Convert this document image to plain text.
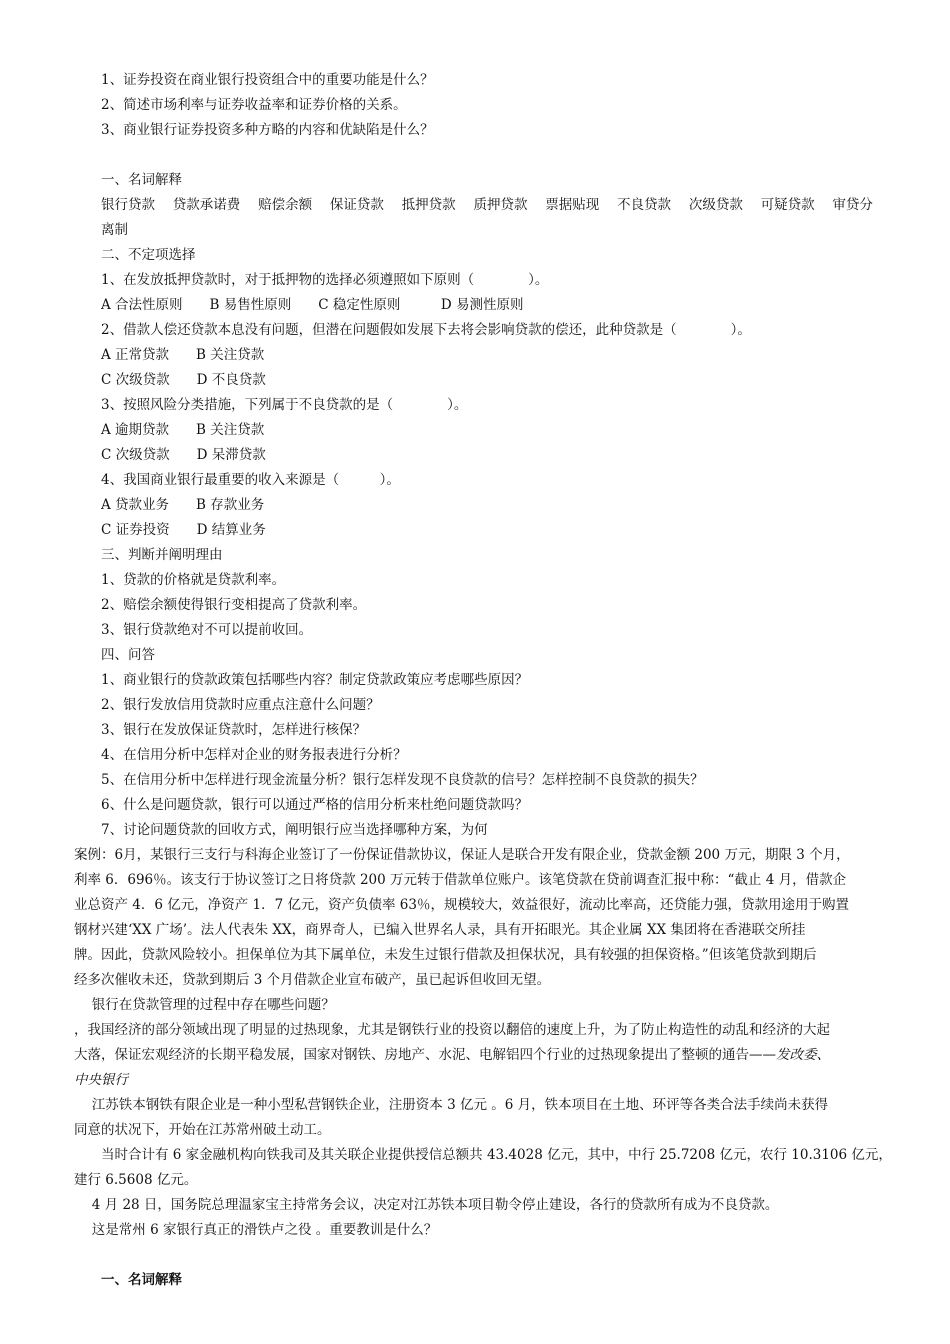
1、证券投资在商业银行投资组合中的重要功能是什么？
2、简述市场利率与证券收益率和证券价格的关系。
3、商业银行证券投资多种方略的内容和优缺陷是什么？
一、名词解释
银行贷款　 贷款承诺费　 赔偿余额　 保证贷款　 抵押贷款　 质押贷款　 票据贴现　 不良贷款　 次级贷款　 可疑贷款　 审贷分
离制
二、不定项选择
1、在发放抵押贷款时，对于抵押物的选择必须遵照如下原则（　　　　）。
A 合法性原则　　B 易售性原则　　C 稳定性原则　　　D 易测性原则
2、借款人偿还贷款本息没有问题，但潜在问题假如发展下去将会影响贷款的偿还，此种贷款是（　　　　）。
A 正常贷款　　B 关注贷款
C 次级贷款　　D 不良贷款
3、按照风险分类措施，下列属于不良贷款的是（　　　　）。
A 逾期贷款　　B 关注贷款
C 次级贷款　　D 呆滞贷款
4、我国商业银行最重要的收入来源是（　　　）。
A 贷款业务　　B 存款业务
C 证券投资　　D 结算业务
三、判断并阐明理由
1、贷款的价格就是贷款利率。
2、赔偿余额使得银行变相提高了贷款利率。
3、银行贷款绝对不可以提前收回。
四、问答
1、商业银行的贷款政策包括哪些内容？制定贷款政策应考虑哪些原因？
2、银行发放信用贷款时应重点注意什么问题？
3、银行在发放保证贷款时，怎样进行核保？
4、在信用分析中怎样对企业的财务报表进行分析？
5、在信用分析中怎样进行现金流量分析？银行怎样发现不良贷款的信号？怎样控制不良贷款的损失？
6、什么是问题贷款，银行可以通过严格的信用分析来杜绝问题贷款吗？
7、讨论问题贷款的回收方式，阐明银行应当选择哪种方案，为何
案例：6月，某银行三支行与科海企业签订了一份保证借款协议，保证人是联合开发有限企业，贷款金额 200 万元，期限 3 个月，
利率 6．696％。该支行于协议签订之日将贷款 200 万元转于借款单位账户。该笔贷款在贷前调查汇报中称：“截止 4 月，借款企
业总资产 4．6 亿元，净资产 1．7 亿元，资产负债率 63％，规模较大，效益很好，流动比率高，还贷能力强，贷款用途用于购置
钢材兴建‘XX 广场’。法人代表朱 XX，商界奇人，已编入世界名人录，具有开拓眼光。其企业属 XX 集团将在香港联交所挂
牌。因此，贷款风险较小。担保单位为其下属单位，未发生过银行借款及担保状况，具有较强的担保资格。”但该笔贷款到期后
经多次催收未还，贷款到期后 3 个月借款企业宣布破产，虽已起诉但收回无望。
　 银行在贷款管理的过程中存在哪些问题？
，我国经济的部分领域出现了明显的过热现象，尤其是钢铁行业的投资以翻倍的速度上升，为了防止构造性的动乱和经济的大起
大落，保证宏观经济的长期平稳发展，国家对钢铁、房地产、水泥、电解铝四个行业的过热现象提出了整顿的通告——发改委、
中央银行
　 江苏铁本钢铁有限企业是一种小型私营钢铁企业，注册资本 3 亿元 。6 月，铁本项目在土地、环评等各类合法手续尚未获得
同意的状况下，开始在江苏常州破土动工。
　　当时合计有 6 家金融机构向铁我司及其关联企业提供授信总额共 43.4028 亿元，其中，中行 25.7208 亿元，农行 10.3106 亿元，
建行 6.5608 亿元。
　 4 月 28 日，国务院总理温家宝主持常务会议，决定对江苏铁本项目勒令停止建设，各行的贷款所有成为不良贷款。
　 这是常州 6 家银行真正的滑铁卢之役 。重要教训是什么？
一、名词解释
